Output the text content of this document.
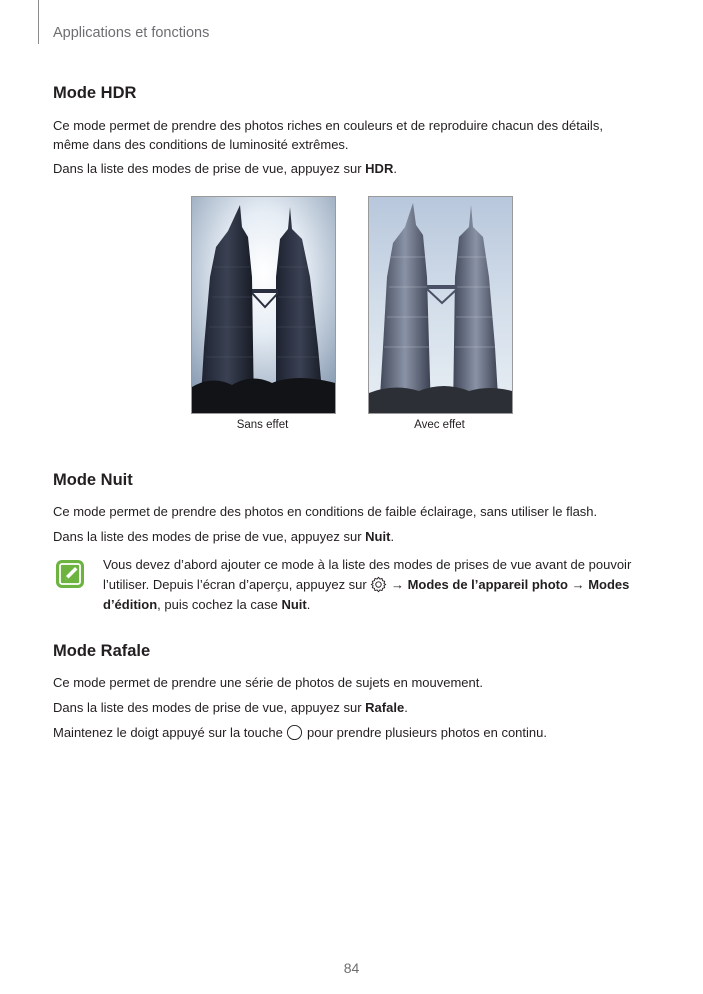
Applications et fonctions
Mode HDR

Ce mode permet de prendre des photos riches en couleurs et de reproduire chacun des détails,
même dans des conditions de luminosité extrêmes.

Dans la liste des modes de prise de vue, appuyez sur HDR.

Sans effet	Avec effet
Mode Nuit

Ce mode permet de prendre des photos en conditions de faible éclairage, sans utiliser le flash.

Dans la liste des modes de prise de vue, appuyez sur Nuit.

Vous devez d’abord ajouter ce mode à la liste des modes de prises de vue avant de pouvoir l’utiliser. Depuis l’écran d’aperçu, appuyez sur  → Modes de l’appareil photo → Modes d’édition, puis cochez la case Nuit.

Mode Rafale

Ce mode permet de prendre une série de photos de sujets en mouvement.

Dans la liste des modes de prise de vue, appuyez sur Rafale.

Maintenez le doigt appuyé sur la touche  pour prendre plusieurs photos en continu.

84
